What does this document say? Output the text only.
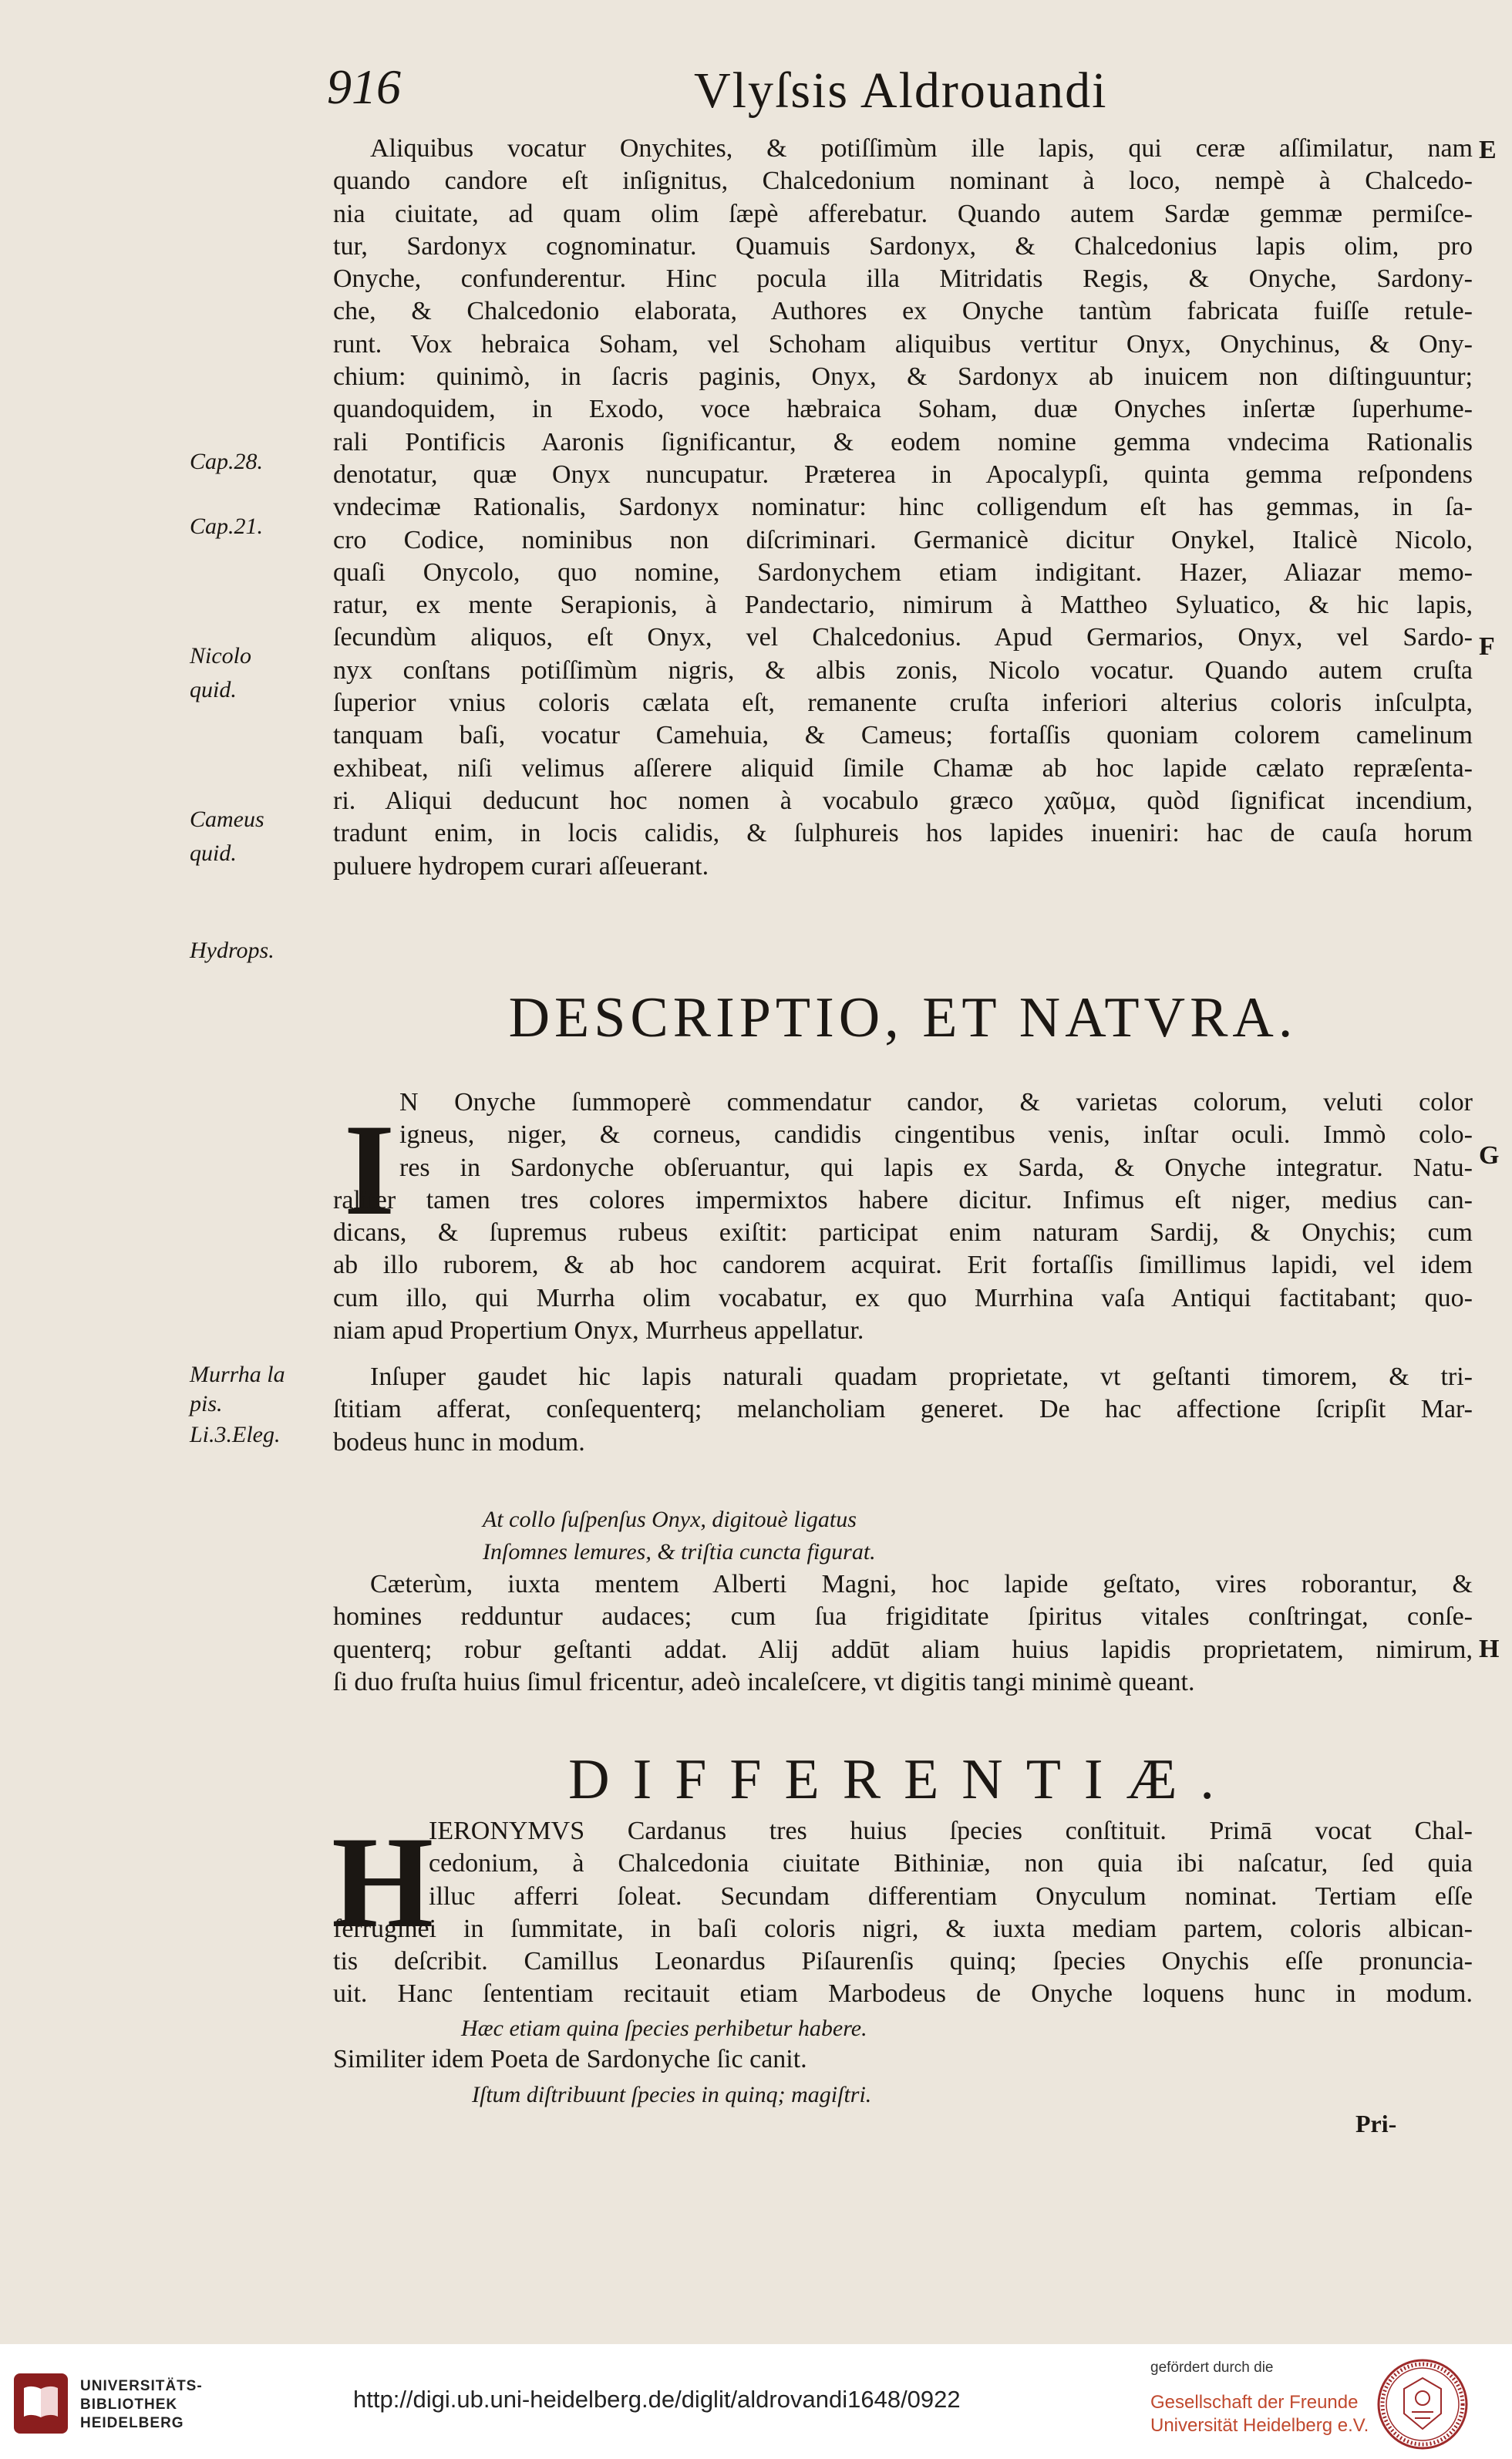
916	Vlyſsis Aldrouandi
Aliquibus vocatur Onychites, & potiſſimùm ille lapis, qui ceræ aſſimilatur, nam
quando candore eſt inſignitus, Chalcedonium nominant à loco, nempè à Chalcedo-
nia ciuitate, ad quam olim ſæpè afferebatur. Quando autem Sardæ gemmæ permiſce-
tur, Sardonyx cognominatur. Quamuis Sardonyx, & Chalcedonius lapis olim, pro
Onyche, confunderentur. Hinc pocula illa Mitridatis Regis, & Onyche, Sardony-
che, & Chalcedonio elaborata, Authores ex Onyche tantùm fabricata fuiſſe retule-
runt. Vox hebraica Soham, vel Schoham aliquibus vertitur Onyx, Onychinus, & Ony-
chium: quinimò, in ſacris paginis, Onyx, & Sardonyx ab inuicem non diſtinguuntur;
quandoquidem, in Exodo, voce hæbraica Soham, duæ Onyches inſertæ ſuperhume-
rali Pontificis Aaronis ſignificantur, & eodem nomine gemma vndecima Rationalis
denotatur, quæ Onyx nuncupatur. Præterea in Apocalypſi, quinta gemma reſpondens
vndecimæ Rationalis, Sardonyx nominatur: hinc colligendum eſt has gemmas, in ſa-
cro Codice, nominibus non diſcriminari. Germanicè dicitur Onykel, Italicè Nicolo,
quaſi Onycolo, quo nomine, Sardonychem etiam indigitant. Hazer, Aliazar memo-
ratur, ex mente Serapionis, à Pandectario, nimirum à Mattheo Syluatico, & hic lapis,
ſecundùm aliquos, eſt Onyx, vel Chalcedonius. Apud Germarios, Onyx, vel Sardo-
nyx conſtans potiſſimùm nigris, & albis zonis, Nicolo vocatur. Quando autem cruſta
ſuperior vnius coloris cælata eſt, remanente cruſta inferiori alterius coloris inſculpta,
tanquam baſi, vocatur Camehuia, & Cameus; fortaſſis quoniam colorem camelinum
exhibeat, niſi velimus aſſerere aliquid ſimile Chamæ ab hoc lapide cælato repræſenta-
ri. Aliqui deducunt hoc nomen à vocabulo græco χαῦμα, quòd ſignificat incendium,
tradunt enim, in locis calidis, & ſulphureis hos lapides inueniri: hac de cauſa horum
puluere hydropem curari aſſeuerant.
DESCRIPTIO, ET NATVRA.
I N Onyche ſummoperè commendatur candor, & varietas colorum, veluti color
igneus, niger, & corneus, candidis cingentibus venis, inſtar oculi. Immò colo-
res in Sardonyche obſeruantur, qui lapis ex Sarda, & Onyche integratur. Natu-
raliter tamen tres colores impermixtos habere dicitur. Infimus eſt niger, medius can-
dicans, & ſupremus rubeus exiſtit: participat enim naturam Sardij, & Onychis; cum
ab illo ruborem, & ab hoc candorem acquirat. Erit fortaſſis ſimillimus lapidi, vel idem
cum illo, qui Murrha olim vocabatur, ex quo Murrhina vaſa Antiqui factitabant; quo-
niam apud Propertium Onyx, Murrheus appellatur.
Inſuper gaudet hic lapis naturali quadam proprietate, vt geſtanti timorem, & tri-
ſtitiam afferat, conſequenterq; melancholiam generet. De hac affectione ſcripſit Mar-
bodeus hunc in modum.
At collo ſuſpenſus Onyx, digitouè ligatus
Inſomnes lemures, & triſtia cuncta figurat.
Cæterùm, iuxta mentem Alberti Magni, hoc lapide geſtato, vires roborantur, &
homines redduntur audaces; cum ſua frigiditate ſpiritus vitales conſtringat, conſe-
quenterq; robur geſtanti addat. Alij addūt aliam huius lapidis proprietatem, nimirum,
ſi duo fruſta huius ſimul fricentur, adeò incaleſcere, vt digitis tangi minimè queant.
DIFFERENTIÆ.
H
IERONYMVS Cardanus tres huius ſpecies conſtituit. Primā vocat Chal-
cedonium, à Chalcedonia ciuitate Bithiniæ, non quia ibi naſcatur, ſed quia
illuc afferri ſoleat. Secundam differentiam Onyculum nominat. Tertiam eſſe
ferruginei in ſummitate, in baſi coloris nigri, & iuxta mediam partem, coloris albican-
tis deſcribit. Camillus Leonardus Piſaurenſis quinq; ſpecies Onychis eſſe pronuncia-
uit. Hanc ſententiam recitauit etiam Marbodeus de Onyche loquens hunc in modum.
Hæc etiam quina ſpecies perhibetur habere.
Similiter idem Poeta de Sardonyche ſic canit.
Iſtum diſtribuunt ſpecies in quinq; magiſtri.
Pri-
Cap.28.
Cap.21.
Nicolo
quid.
Cameus
quid.
Hydrops.
Murrha la
pis.
Li.3.Eleg.
E
F
G
H
UNIVERSITÄTS-
BIBLIOTHEK
HEIDELBERG
http://digi.ub.uni-heidelberg.de/diglit/aldrovandi1648/0922
gefördert durch die
Gesellschaft der Freunde
Universität Heidelberg e.V.
